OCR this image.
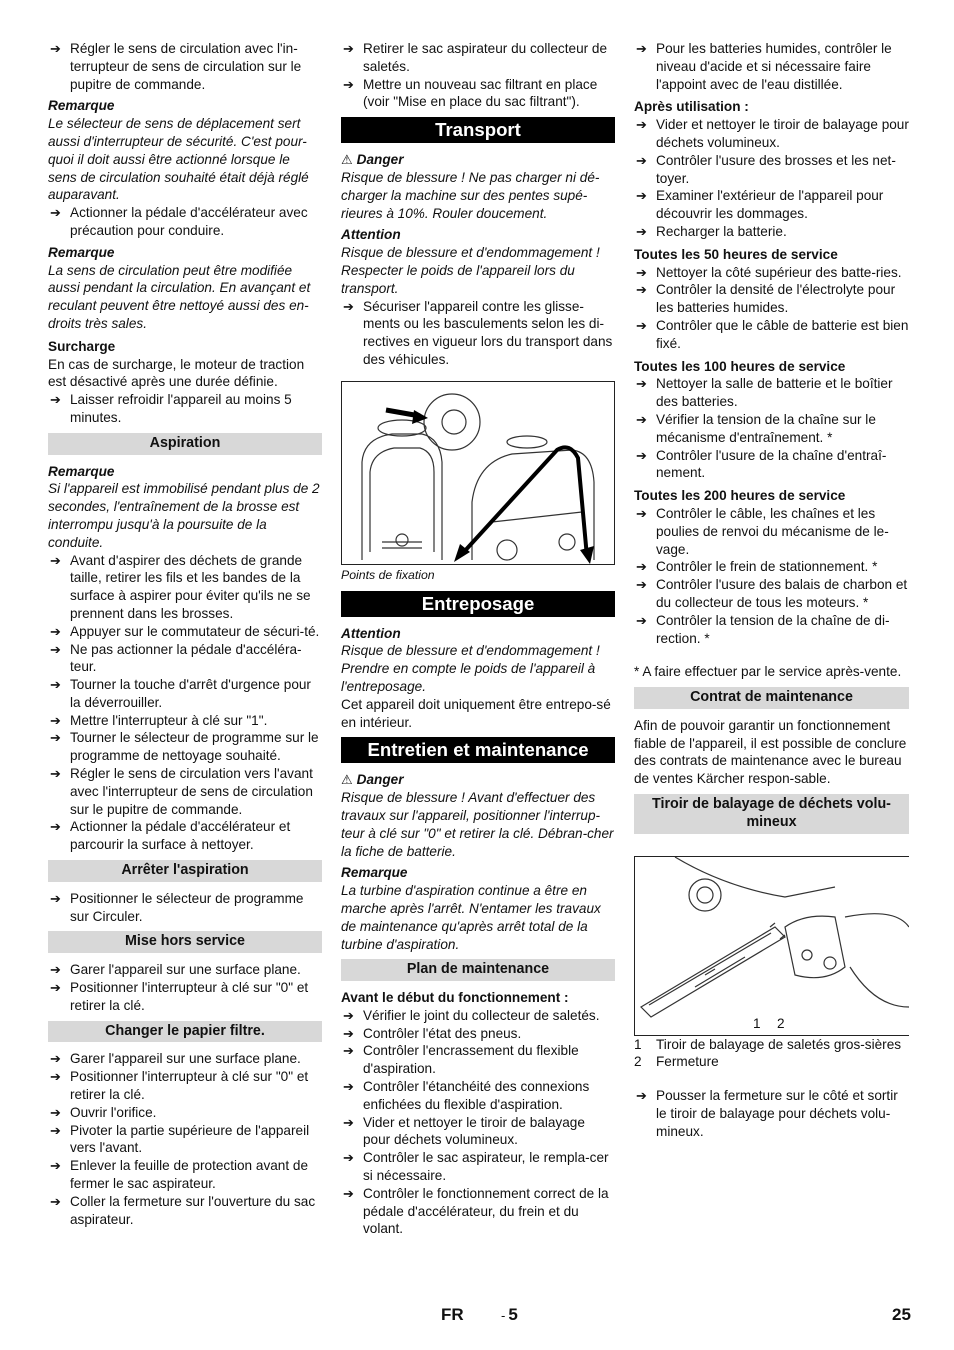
➔ Régler le sens de circulation avec l'in-terrupteur de sens de circulation sur le pupitre de commande.
Remarque
Le sélecteur de sens de déplacement sert aussi d'interrupteur de sécurité. C'est pour-quoi il doit aussi être actionné lorsque le sens de circulation souhaité était déjà réglé auparavant.
➔ Actionner la pédale d'accélérateur avec précaution pour conduire.
Remarque
La sens de circulation peut être modifiée aussi pendant la circulation. En avançant et reculant peuvent être nettoyé aussi des en-droits très sales.
Surcharge
En cas de surcharge, le moteur de traction est désactivé après une durée définie.
➔ Laisser refroidir l'appareil au moins 5 minutes.
Aspiration
Remarque
Si l'appareil est immobilisé pendant plus de 2 secondes, l'entraînement de la brosse est interrompu jusqu'à la poursuite de la conduite.
➔ Avant d'aspirer des déchets de grande taille, retirer les fils et les bandes de la surface à aspirer pour éviter qu'ils ne se prennent dans les brosses.
➔ Appuyer sur le commutateur de sécuri-té.
➔ Ne pas actionner la pédale d'accéléra-teur.
➔ Tourner la touche d'arrêt d'urgence pour la déverrouiller.
➔ Mettre l'interrupteur à clé sur "1".
➔ Tourner le sélecteur de programme sur le programme de nettoyage souhaité.
➔ Régler le sens de circulation vers l'avant avec l'interrupteur de sens de circulation sur le pupitre de commande.
➔ Actionner la pédale d'accélérateur et parcourir la surface à nettoyer.
Arrêter l'aspiration
➔ Positionner le sélecteur de programme sur Circuler.
Mise hors service
➔ Garer l'appareil sur une surface plane.
➔ Positionner l'interrupteur à clé sur "0" et retirer la clé.
Changer le papier filtre.
➔ Garer l'appareil sur une surface plane.
➔ Positionner l'interrupteur à clé sur "0" et retirer la clé.
➔ Ouvrir l'orifice.
➔ Pivoter la partie supérieure de l'appareil vers l'avant.
➔ Enlever la feuille de protection avant de fermer le sac aspirateur.
➔ Coller la fermeture sur l'ouverture du sac aspirateur.
➔ Retirer le sac aspirateur du collecteur de saletés.
➔ Mettre un nouveau sac filtrant en place (voir "Mise en place du sac filtrant").
Transport
⚠ Danger
Risque de blessure ! Ne pas charger ni dé-charger la machine sur des pentes supé-rieures à 10%. Rouler doucement.
Attention
Risque de blessure et d'endommagement ! Respecter le poids de l'appareil lors du transport.
➔ Sécuriser l'appareil contre les glisse-ments ou les basculements selon les di-rectives en vigueur lors du transport dans des véhicules.
Points de fixation
Entreposage
Attention
Risque de blessure et d'endommagement ! Prendre en compte le poids de l'appareil à l'entreposage.
Cet appareil doit uniquement être entrepo-sé en intérieur.
Entretien et maintenance
⚠ Danger
Risque de blessure ! Avant d'effectuer des travaux sur l'appareil, positionner l'interrup-teur à clé sur "0" et retirer la clé. Débran-cher la fiche de batterie.
Remarque
La turbine d'aspiration continue a être en marche après l'arrêt. N'entamer les travaux de maintenance qu'après arrêt total de la turbine d'aspiration.
Plan de maintenance
Avant le début du fonctionnement :
➔ Vérifier le joint du collecteur de saletés.
➔ Contrôler l'état des pneus.
➔ Contrôler l'encrassement du flexible d'aspiration.
➔ Contrôler l'étanchéité des connexions enfichées du flexible d'aspiration.
➔ Vider et nettoyer le tiroir de balayage pour déchets volumineux.
➔ Contrôler le sac aspirateur, le rempla-cer si nécessaire.
➔ Contrôler le fonctionnement correct de la pédale d'accélérateur, du frein et du volant.
➔ Pour les batteries humides, contrôler le niveau d'acide et si nécessaire faire l'appoint avec de l'eau distillée.
Après utilisation :
➔ Vider et nettoyer le tiroir de balayage pour déchets volumineux.
➔ Contrôler l'usure des brosses et les net-toyer.
➔ Examiner l'extérieur de l'appareil pour découvrir les dommages.
➔ Recharger la batterie.
Toutes les 50 heures de service
➔ Nettoyer la côté supérieur des batte-ries.
➔ Contrôler la densité de l'électrolyte pour les batteries humides.
➔ Contrôler que le câble de batterie est bien fixé.
Toutes les 100 heures de service
➔ Nettoyer la salle de batterie et le boîtier des batteries.
➔ Vérifier la tension de la chaîne sur le mécanisme d'entraînement. *
➔ Contrôler l'usure de la chaîne d'entraî-nement.
Toutes les 200 heures de service
➔ Contrôler le câble, les chaînes et les poulies de renvoi du mécanisme de le-vage.
➔ Contrôler le frein de stationnement. *
➔ Contrôler l'usure des balais de charbon et du collecteur de tous les moteurs. *
➔ Contrôler la tension de la chaîne de di-rection. *
* A faire effectuer par le service après-vente.
Contrat de maintenance
Afin de pouvoir garantir un fonctionnement fiable de l'appareil, il est possible de conclure des contrats de maintenance avec le bureau de ventes Kärcher respon-sable.
Tiroir de balayage de déchets volu-mineux
1 2
1	Tiroir de balayage de saletés gros-sières
2	Fermeture
➔ Pousser la fermeture sur le côté et sortir le tiroir de balayage pour déchets volu-mineux.
FR	- 5	25
